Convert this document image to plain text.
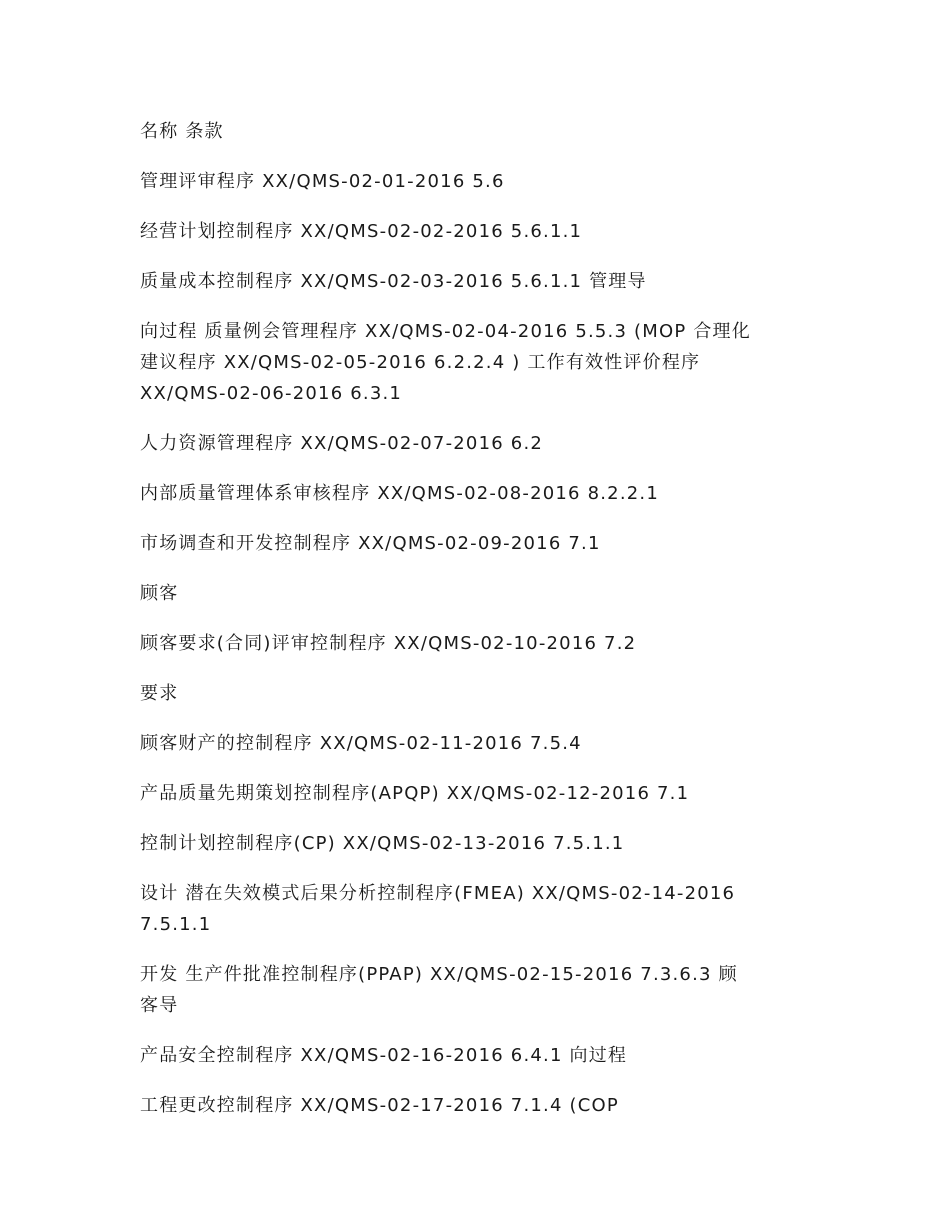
名称 条款
管理评审程序 XX/QMS-02-01-2016 5.6
经营计划控制程序 XX/QMS-02-02-2016 5.6.1.1
质量成本控制程序 XX/QMS-02-03-2016 5.6.1.1 管理导
向过程 质量例会管理程序 XX/QMS-02-04-2016 5.5.3 (MOP 合理化
建议程序 XX/QMS-02-05-2016 6.2.2.4 ) 工作有效性评价程序
XX/QMS-02-06-2016 6.3.1
人力资源管理程序 XX/QMS-02-07-2016 6.2
内部质量管理体系审核程序 XX/QMS-02-08-2016 8.2.2.1
市场调查和开发控制程序 XX/QMS-02-09-2016 7.1
顾客
顾客要求(合同)评审控制程序 XX/QMS-02-10-2016 7.2
要求
顾客财产的控制程序 XX/QMS-02-11-2016 7.5.4
产品质量先期策划控制程序(APQP) XX/QMS-02-12-2016 7.1
控制计划控制程序(CP) XX/QMS-02-13-2016 7.5.1.1
设计 潜在失效模式后果分析控制程序(FMEA) XX/QMS-02-14-2016
7.5.1.1
开发 生产件批准控制程序(PPAP) XX/QMS-02-15-2016 7.3.6.3 顾
客导
产品安全控制程序 XX/QMS-02-16-2016 6.4.1 向过程
工程更改控制程序 XX/QMS-02-17-2016 7.1.4 (COP
